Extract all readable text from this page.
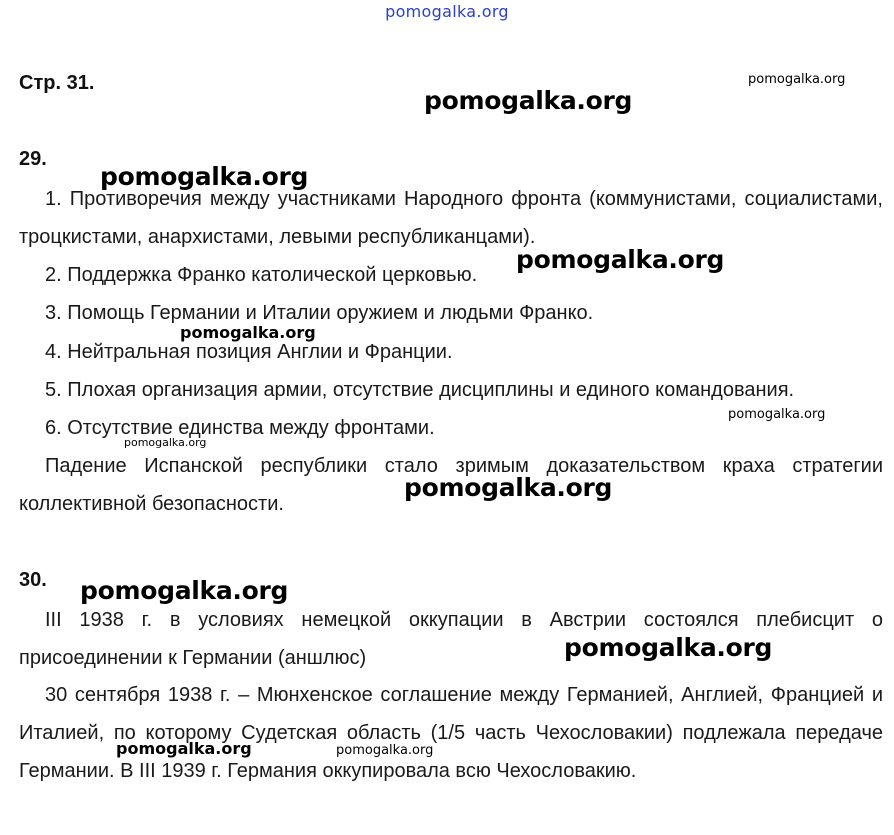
pomogalka.org
Стр. 31.
29.
1. Противоречия между участниками Народного фронта (коммунистами, социалистами, троцкистами, анархистами, левыми республиканцами).
2. Поддержка Франко католической церковью.
3. Помощь Германии и Италии оружием и людьми Франко.
4. Нейтральная позиция Англии и Франции.
5. Плохая организация армии, отсутствие дисциплины и единого командования.
6. Отсутствие единства между фронтами.
Падение Испанской республики стало зримым доказательством краха стратегии коллективной безопасности.
30.
III 1938 г. в условиях немецкой оккупации в Австрии состоялся плебисцит о присоединении к Германии (аншлюс)
30 сентября 1938 г. – Мюнхенское соглашение между Германией, Англией, Францией и Италией, по которому Судетская область (1/5 часть Чехословакии) подлежала передаче Германии. В III 1939 г. Германия оккупировала всю Чехословакию.
pomogalka.org
pomogalka.org
pomogalka.org
pomogalka.org
pomogalka.org
pomogalka.org
pomogalka.org
pomogalka.org
pomogalka.org
pomogalka.org
pomogalka.org	pomogalka.org
